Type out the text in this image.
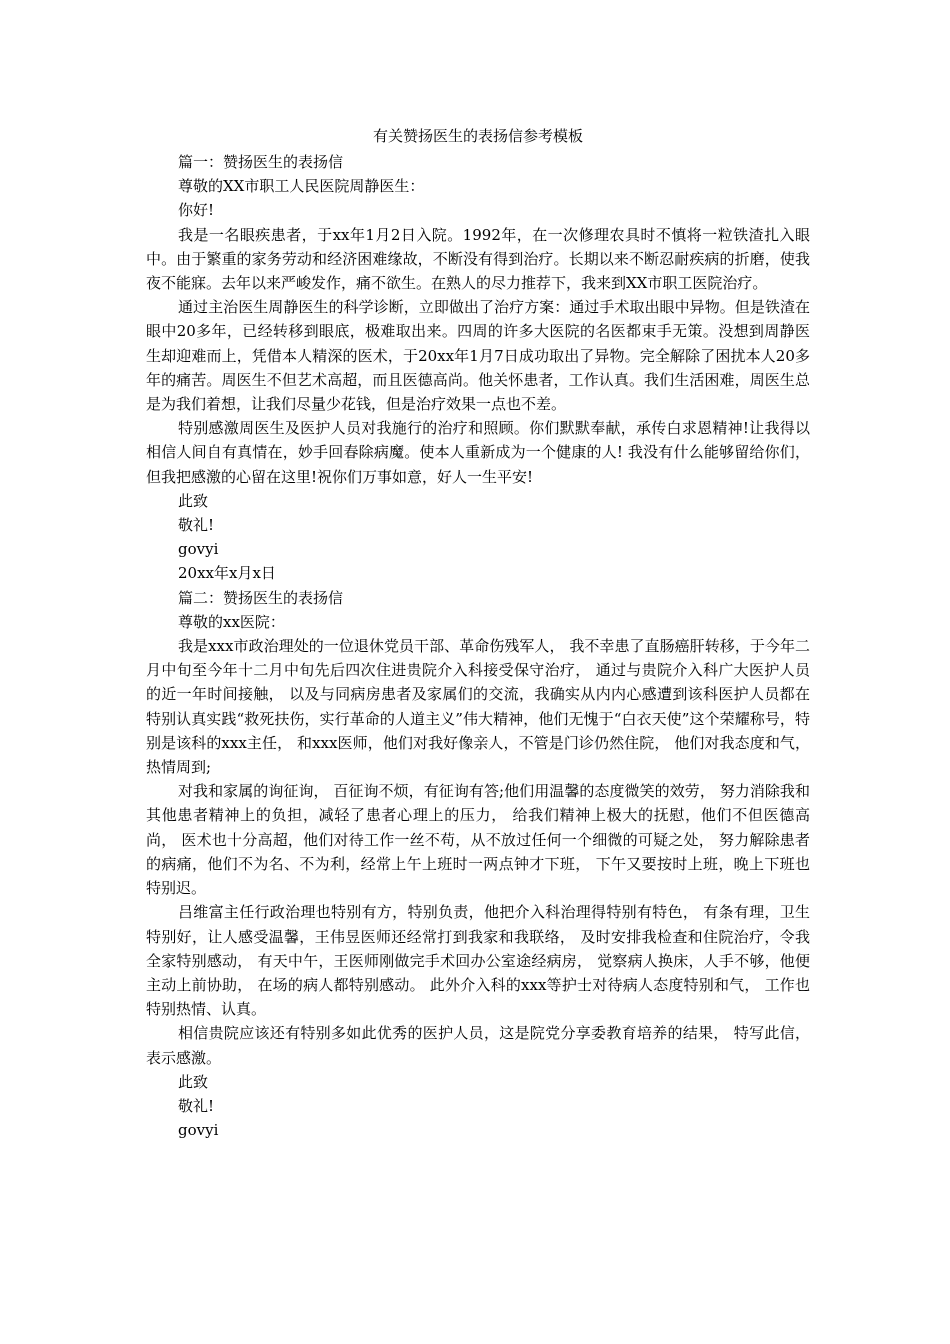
有关赞扬医生的表扬信参考模板

篇一：赞扬医生的表扬信

尊敬的XX市职工人民医院周静医生：

你好!

我是一名眼疾患者，于xx年1月2日入院。1992年，在一次修理农具时不慎将一粒铁渣扎入眼中。由于繁重的家务劳动和经济困难缘故，不断没有得到治疗。长期以来不断忍耐疾病的折磨，使我夜不能寐。去年以来严峻发作，痛不欲生。在熟人的尽力推荐下，我来到XX市职工医院治疗。

通过主治医生周静医生的科学诊断，立即做出了治疗方案：通过手术取出眼中异物。但是铁渣在眼中20多年，已经转移到眼底，极难取出来。四周的许多大医院的名医都束手无策。没想到周静医生却迎难而上，凭借本人精深的医术，于20xx年1月7日成功取出了异物。完全解除了困扰本人20多年的痛苦。周医生不但艺术高超，而且医德高尚。他关怀患者，工作认真。我们生活困难，周医生总是为我们着想，让我们尽量少花钱，但是治疗效果一点也不差。

特别感激周医生及医护人员对我施行的治疗和照顾。你们默默奉献，承传白求恩精神!让我得以相信人间自有真情在，妙手回春除病魔。使本人重新成为一个健康的人! 我没有什么能够留给你们，但我把感激的心留在这里!祝你们万事如意，好人一生平安!

此致

敬礼!

govyi

20xx年x月x日

篇二：赞扬医生的表扬信

尊敬的xx医院：

我是xxx市政治理处的一位退休党员干部、革命伤残军人， 我不幸患了直肠癌肝转移，于今年二月中旬至今年十二月中旬先后四次住进贵院介入科接受保守治疗， 通过与贵院介入科广大医护人员的近一年时间接触， 以及与同病房患者及家属们的交流，我确实从内内心感遭到该科医护人员都在特别认真实践“救死扶伤，实行革命的人道主义”伟大精神，他们无愧于“白衣天使”这个荣耀称号，特别是该科的xxx主任， 和xxx医师，他们对我好像亲人，不管是门诊仍然住院， 他们对我态度和气，热情周到;

对我和家属的询征询， 百征询不烦，有征询有答;他们用温馨的态度微笑的效劳， 努力消除我和其他患者精神上的负担，减轻了患者心理上的压力， 给我们精神上极大的抚慰，他们不但医德高尚， 医术也十分高超，他们对待工作一丝不苟，从不放过任何一个细微的可疑之处， 努力解除患者的病痛，他们不为名、不为利，经常上午上班时一两点钟才下班， 下午又要按时上班，晚上下班也特别迟。

吕维富主任行政治理也特别有方，特别负责，他把介入科治理得特别有特色， 有条有理，卫生特别好，让人感受温馨，王伟昱医师还经常打到我家和我联络， 及时安排我检查和住院治疗，令我全家特别感动， 有天中午，王医师刚做完手术回办公室途经病房， 觉察病人换床，人手不够，他便主动上前协助， 在场的病人都特别感动。 此外介入科的xxx等护士对待病人态度特别和气， 工作也特别热情、认真。

相信贵院应该还有特别多如此优秀的医护人员，这是院党分享委教育培养的结果， 特写此信，表示感激。

此致

敬礼!

govyi
